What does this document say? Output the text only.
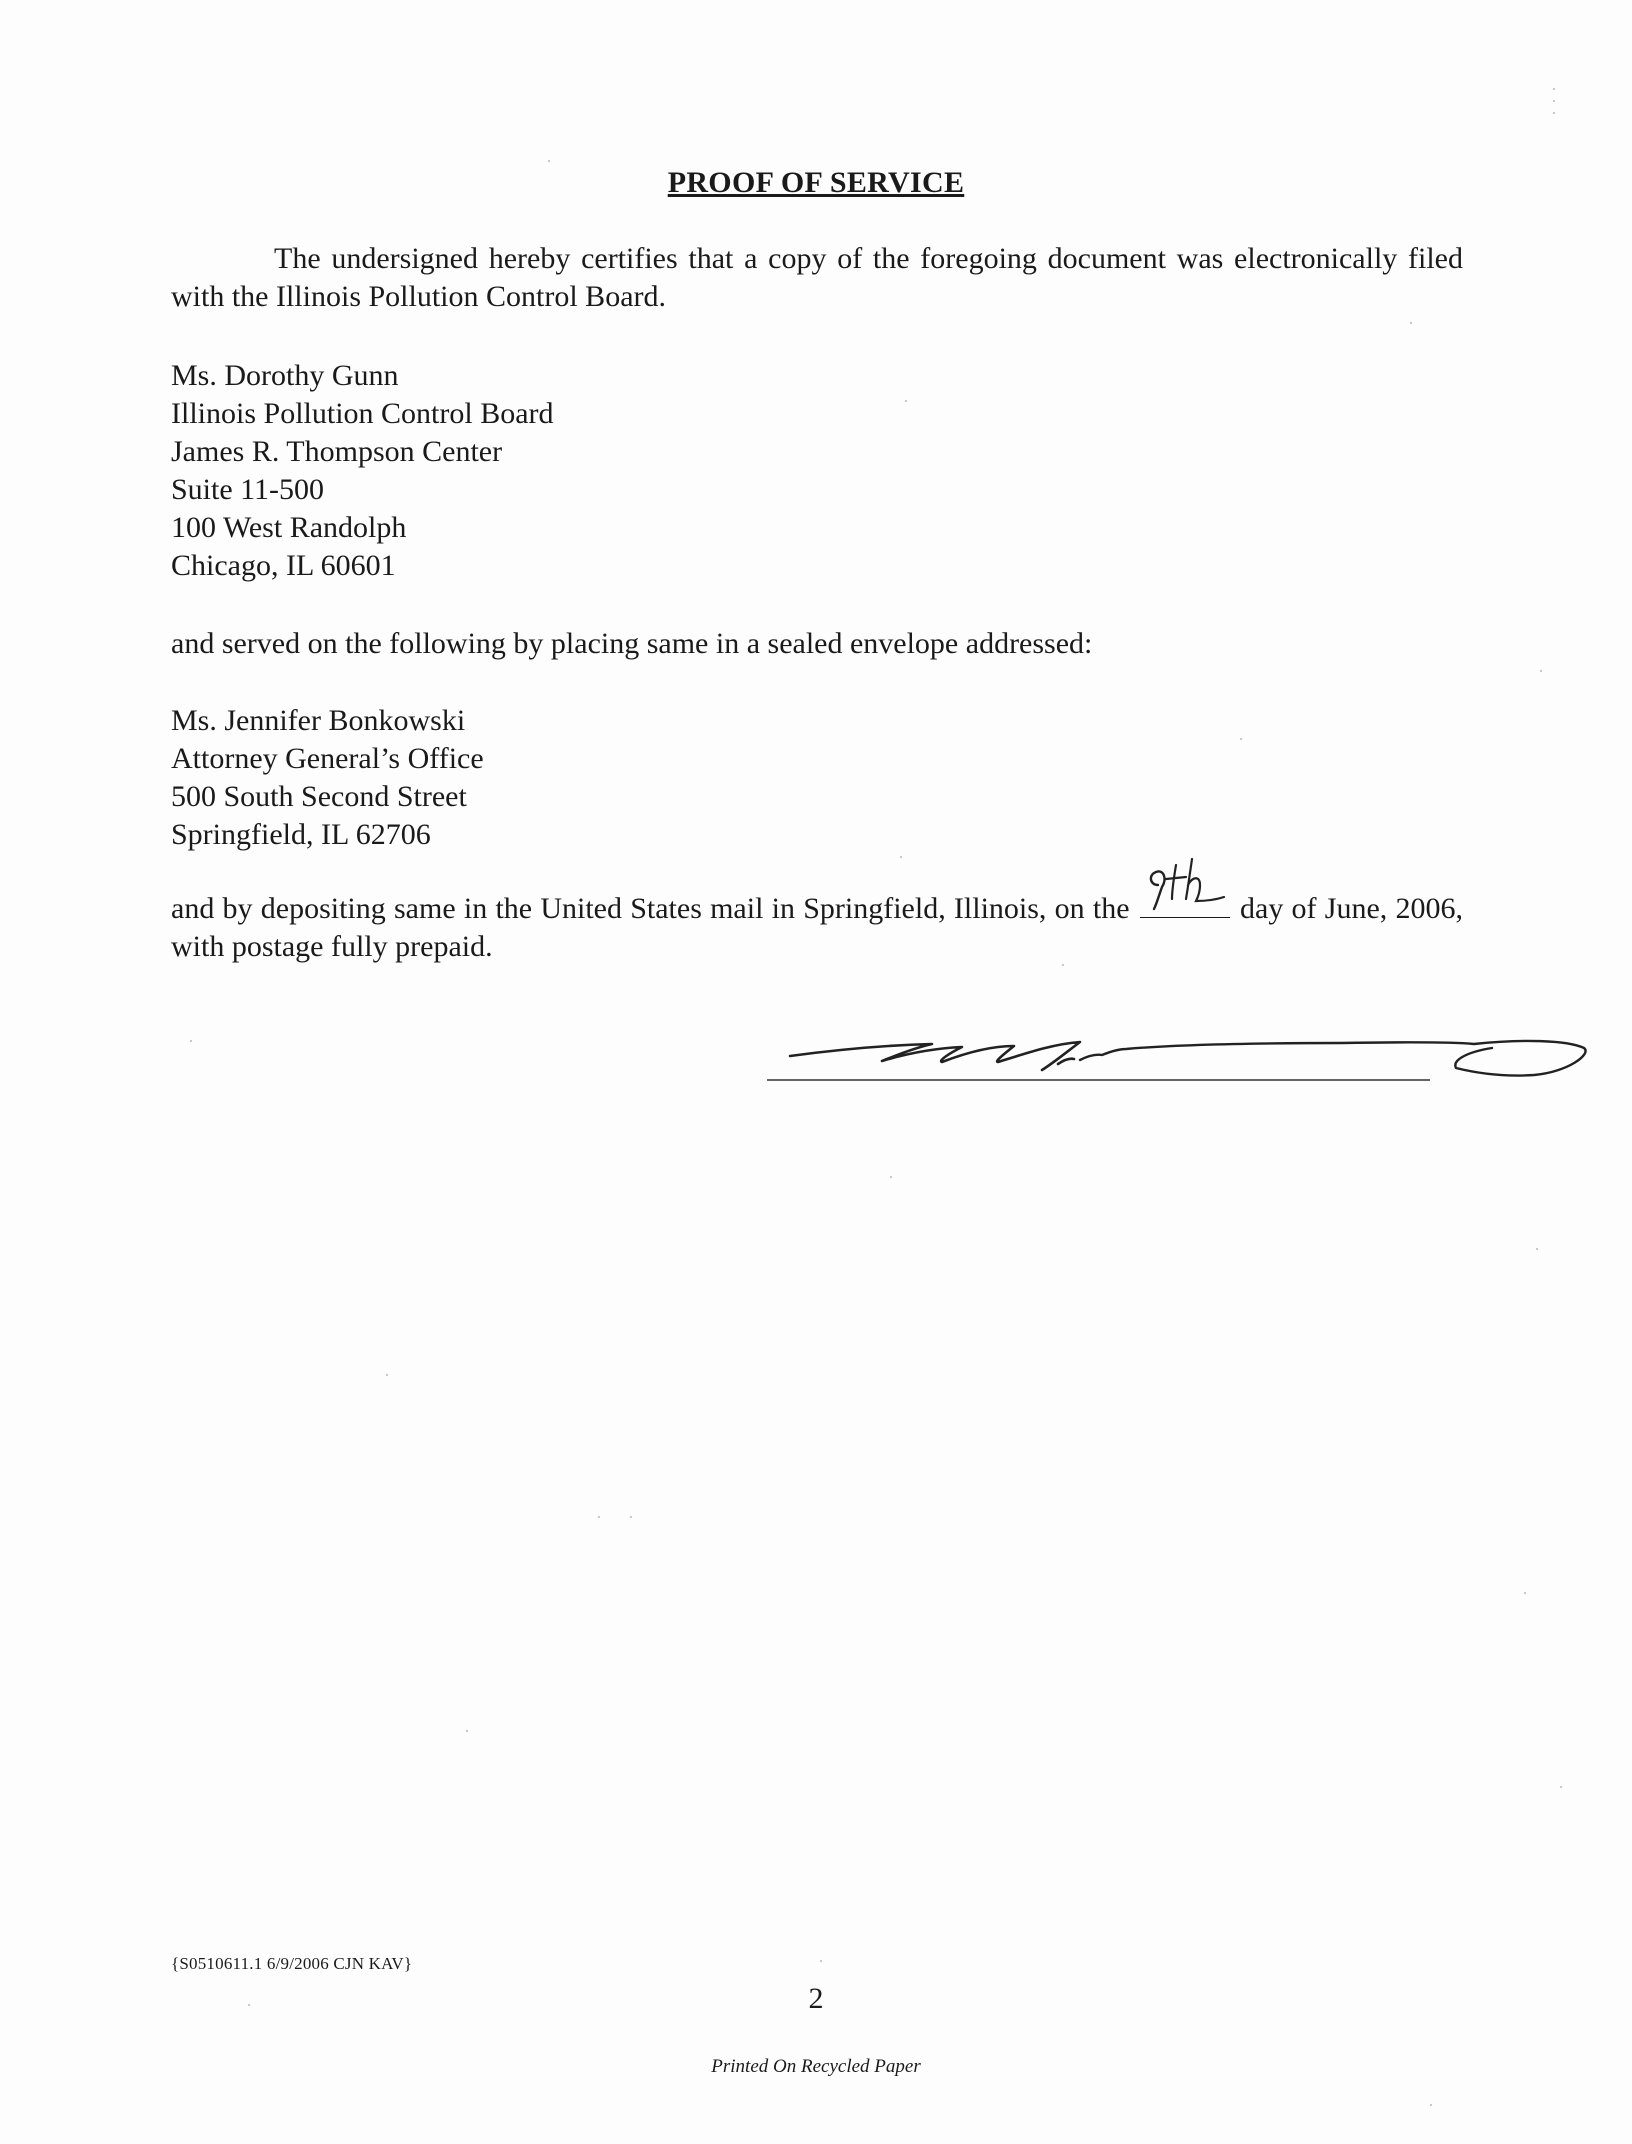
PROOF OF SERVICE

The undersigned hereby certifies that a copy of the foregoing document was electronically filed with the Illinois Pollution Control Board.

Ms. Dorothy Gunn
Illinois Pollution Control Board
James R. Thompson Center
Suite 11-500
100 West Randolph
Chicago, IL 60601

and served on the following by placing same in a sealed envelope addressed:

Ms. Jennifer Bonkowski
Attorney General’s Office
500 South Second Street
Springfield, IL 62706

and by depositing same in the United States mail in Springfield, Illinois, on the	day of June, 2006, with postage fully prepaid.

{S0510611.1 6/9/2006 CJN KAV}
2
Printed On Recycled Paper
